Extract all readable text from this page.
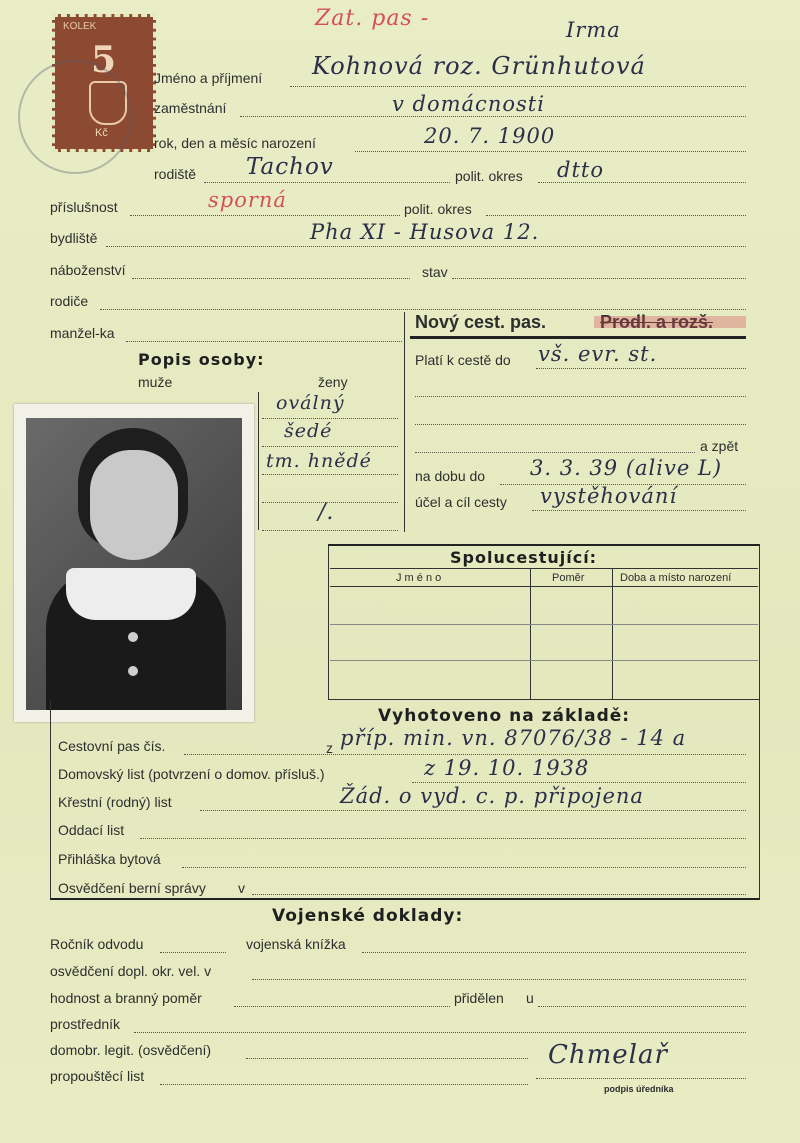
KOLEK
5
Kč
Zat. pas -	Irma
Jméno a příjmení Kohnová roz. Grünhutová
zaměstnání	v domácnosti
rok, den a měsíc narození	20. 7. 1900
rodiště Tachov	polit. okres dtto
příslušnost	sporná	polit. okres
bydliště	Pha XI - Husova 12.
náboženství	stav
rodiče
manžel-ka
Popis osoby:
muže	ženy
oválný
šedé
tm. hnědé
/.
Nový cest. pas.	Prodl. a rozš.
Platí k cestě do vš. evr. st.
a zpět
na dobu do 3. 3. 39 (alive L)
účel a cíl cesty vystěhování
Spolucestující:
J m é n o	Poměr	Doba a místo narození
Vyhotoveno na základě:
Cestovní pas čís.	z příp. min. vn. 87076/38 - 14 a
Domovský list (potvrzení o domov. přísluš.)	z 19. 10. 1938
Křestní (rodný) list	Žád. o vyd. c. p. připojena
Oddací list
Přihláška bytová
Osvědčení berní správy v
Vojenské doklady:
Ročník odvodu	vojenská knížka
osvědčení dopl. okr. vel. v
hodnost a branný poměr	přidělen u
prostředník
domobr. legit. (osvědčení)
propouštěcí list
Chmelař
podpis úředníka
